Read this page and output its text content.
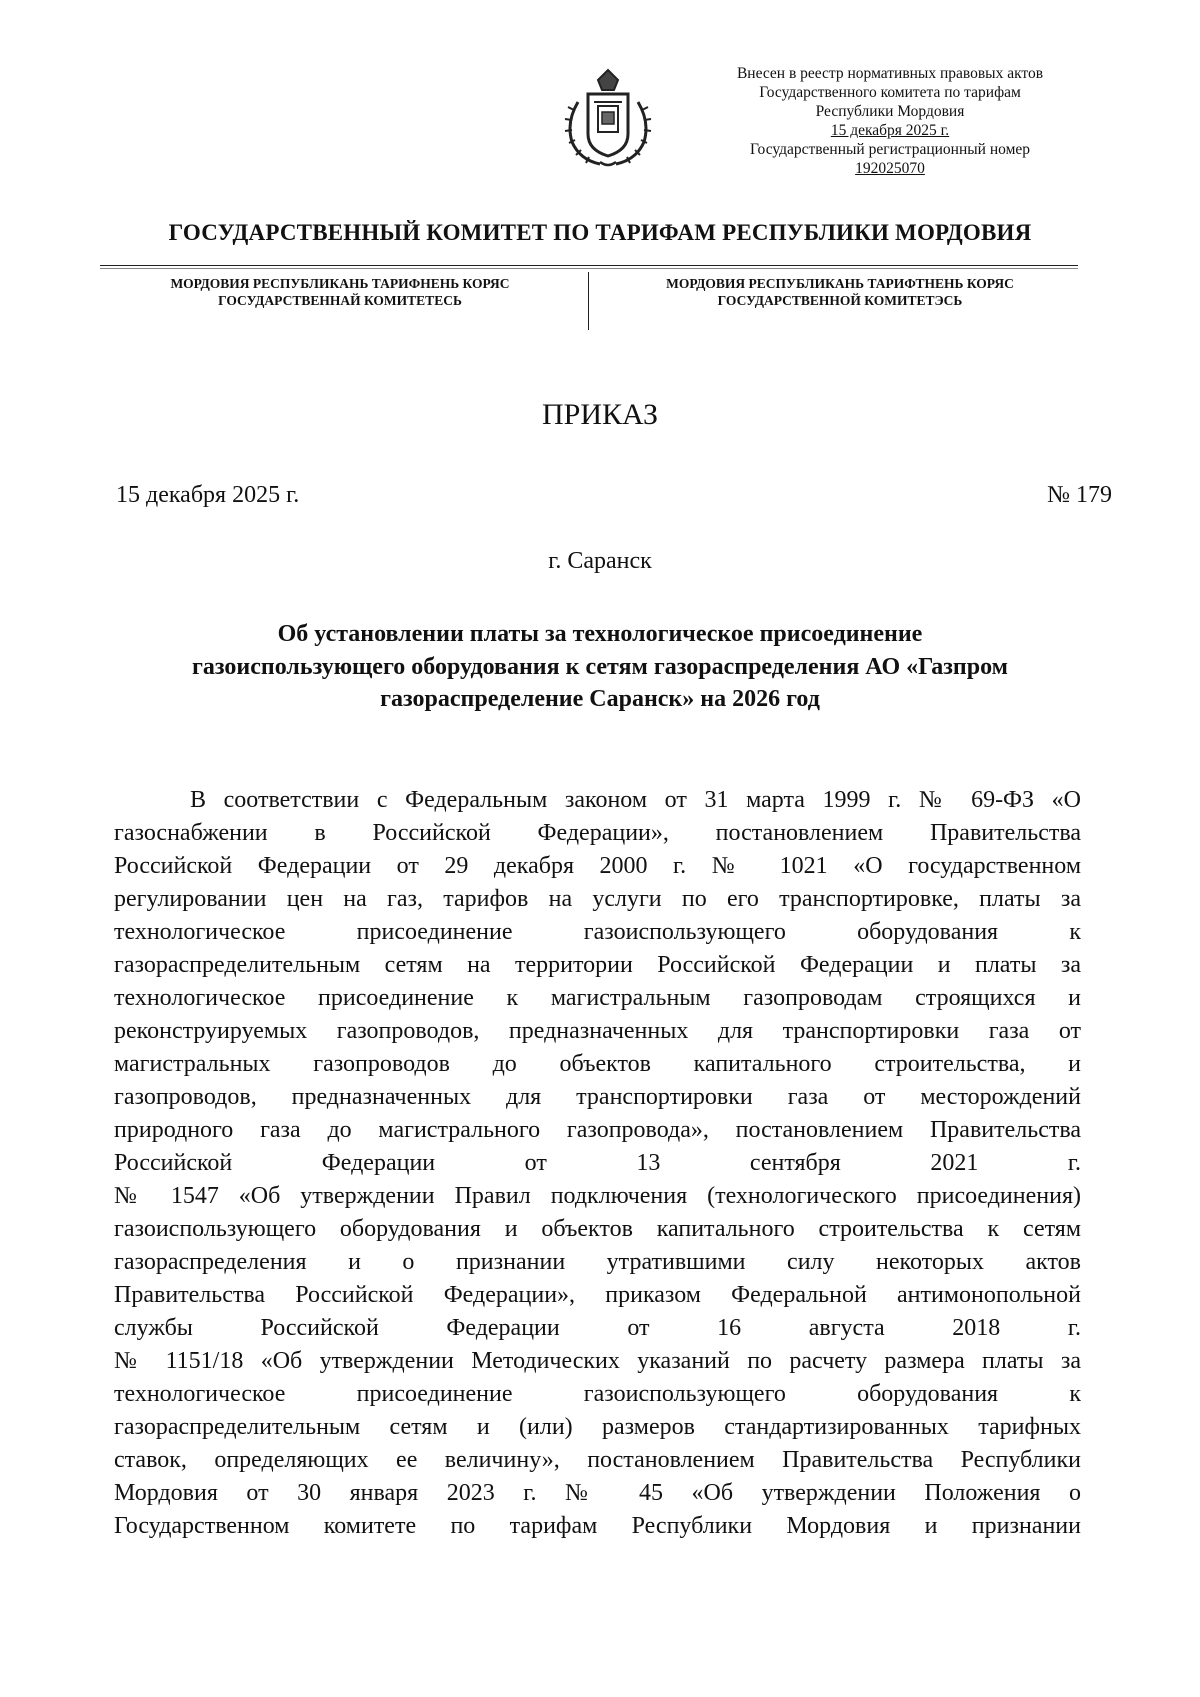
Внесен в реестр нормативных правовых актов
Государственного комитета по тарифам
Республики Мордовия
15 декабря 2025 г.
Государственный регистрационный номер
192025070
ГОСУДАРСТВЕННЫЙ КОМИТЕТ ПО ТАРИФАМ РЕСПУБЛИКИ МОРДОВИЯ
МОРДОВИЯ РЕСПУБЛИКАНЬ ТАРИФНЕНЬ КОРЯС
ГОСУДАРСТВЕННАЙ КОМИТЕТЕСЬ
МОРДОВИЯ РЕСПУБЛИКАНЬ ТАРИФТНЕНЬ КОРЯС
ГОСУДАРСТВЕННОЙ КОМИТЕТЭСЬ
ПРИКАЗ
15 декабря 2025 г.	№ 179
г. Саранск
Об установлении платы за технологическое присоединение
газоиспользующего оборудования к сетям газораспределения АО «Газпром
газораспределение Саранск» на 2026 год
В соответствии с Федеральным законом от 31 марта 1999 г. № 69-ФЗ «О
газоснабжении в Российской Федерации», постановлением Правительства
Российской Федерации от 29 декабря 2000 г. № 1021 «О государственном
регулировании цен на газ, тарифов на услуги по его транспортировке, платы за
технологическое присоединение газоиспользующего оборудования к
газораспределительным сетям на территории Российской Федерации и платы за
технологическое присоединение к магистральным газопроводам строящихся и
реконструируемых газопроводов, предназначенных для транспортировки газа от
магистральных газопроводов до объектов капитального строительства, и
газопроводов, предназначенных для транспортировки газа от месторождений
природного газа до магистрального газопровода», постановлением Правительства
Российской Федерации от 13 сентября 2021 г.
№ 1547 «Об утверждении Правил подключения (технологического присоединения)
газоиспользующего оборудования и объектов капитального строительства к сетям
газораспределения и о признании утратившими силу некоторых актов
Правительства Российской Федерации», приказом Федеральной антимонопольной
службы Российской Федерации от 16 августа 2018 г.
№ 1151/18 «Об утверждении Методических указаний по расчету размера платы за
технологическое присоединение газоиспользующего оборудования к
газораспределительным сетям и (или) размеров стандартизированных тарифных
ставок, определяющих ее величину», постановлением Правительства Республики
Мордовия от 30 января 2023 г. № 45 «Об утверждении Положения о
Государственном комитете по тарифам Республики Мордовия и признании
